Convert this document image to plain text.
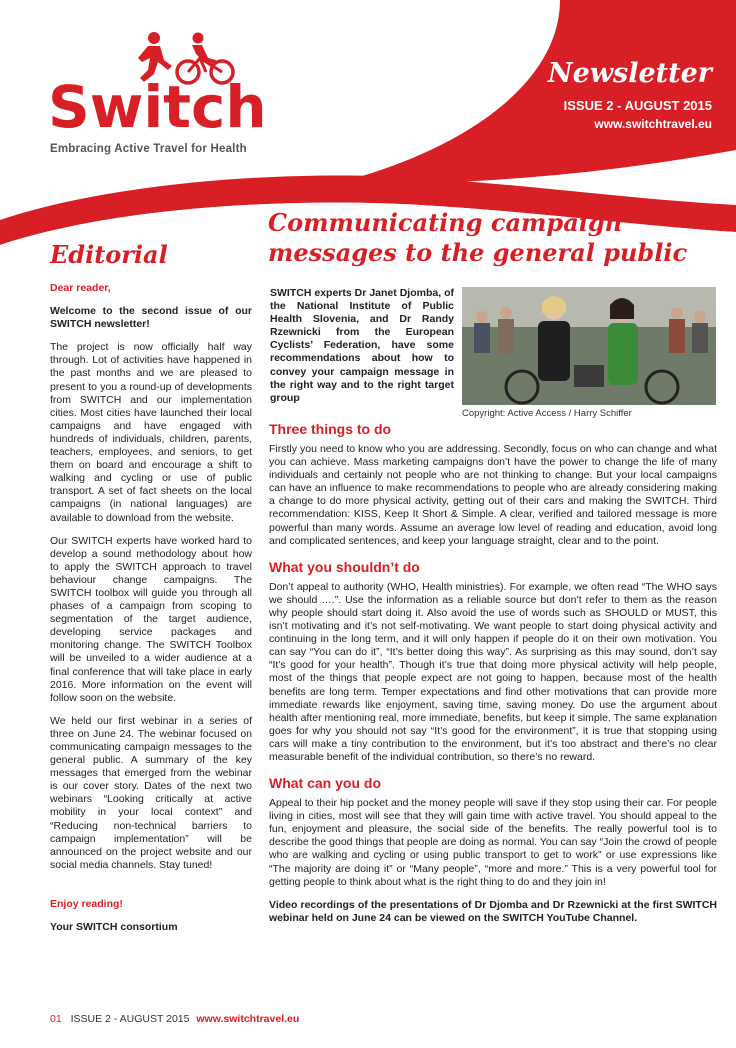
Switch
Embracing Active Travel for Health
Newsletter
ISSUE 2 - AUGUST 2015
www.switchtravel.eu
Communicating campaign messages to the general public
Editorial

Dear reader,

Welcome to the second issue of our SWITCH newsletter!

The project is now officially half way through. Lot of activities have happened in the past months and we are pleased to present to you a round-up of developments from SWITCH and our implementation cities. Most cities have launched their local campaigns and have engaged with hundreds of individuals, children, parents, teachers, employees, and seniors, to get them on board and encourage a shift to walking and cycling or use of public transport. A set of fact sheets on the local campaigns (in national languages) are available to download from the website.

Our SWITCH experts have worked hard to develop a sound methodology about how to apply the SWITCH approach to travel behaviour change campaigns. The SWITCH toolbox will guide you through all phases of a campaign from scoping to segmentation of the target audience, developing service packages and monitoring change. The SWITCH Toolbox will be unveiled to a wider audience at a final conference that will take place in early 2016. More information on the event will follow soon on the website.

We held our first webinar in a series of three on June 24. The webinar focused on communicating campaign messages to the general public. A summary of the key messages that emerged from the webinar is our cover story. Dates of the next two webinars “Looking critically at active mobility in your local context” and “Reducing non-technical barriers to campaign implementation” will be announced on the project website and our social media channels. Stay tuned!

Enjoy reading!

Your SWITCH consortium

SWITCH experts Dr Janet Djomba, of the National Institute of Public Health Slovenia, and Dr Randy Rzewnicki from the European Cyclists’ Federation, have some recommendations about how to convey your campaign message in the right way and to the right target group

Copyright: Active Access / Harry Schiffer
Three things to do

Firstly you need to know who you are addressing. Secondly, focus on who can change and what you can achieve. Mass marketing campaigns don’t have the power to change the life of many individuals and certainly not people who are not thinking to change. But your local campaigns can have an influence to make recommendations to people who are already considering making a change to do more physical activity, getting out of their cars and making the SWITCH. Third recommendation: KISS, Keep It Short & Simple. A clear, verified and tailored message is more powerful than many words. Assume an average low level of reading and education, avoid long and complicated sentences, and keep your language straight, clear and to the point.

What you shouldn’t do

Don’t appeal to authority (WHO, Health ministries). For example, we often read “The WHO says we should ….”. Use the information as a reliable source but don’t refer to them as the reason why people should start doing it. Also avoid the use of words such as SHOULD or MUST, this isn’t motivating and it’s not self-motivating. We want people to start doing physical activity and continuing in the long term, and it will only happen if people do it on their own motivation. You can say “You can do it”, “It’s better doing this way”. As surprising as this may sound, don’t say “It’s good for your health”. Though it’s true that doing more physical activity will help people, most of the things that people expect are not going to happen, because most of the health benefits are long term. Temper expectations and find other motivations that can provide more immediate rewards like enjoyment, saving time, saving money. Do use the argument about health after mentioning real, more immediate, benefits, but keep it simple. The same explanation goes for why you should not say “It’s good for the environment”, it is true that stopping using cars will make a tiny contribution to the environment, but it’s too abstract and there’s no clear measurable benefit of the individual contribution, so there’s no reward.

What can you do

Appeal to their hip pocket and the money people will save if they stop using their car. For people living in cities, most will see that they will gain time with active travel. You should appeal to the fun, enjoyment and pleasure, the social side of the benefits. The really powerful tool is to describe the good things that people are doing as normal. You can say “Join the crowd of people who are walking and cycling or using public transport to get to work” or use expressions like “The majority are doing it” or “Many people”, “more and more.” This is a very powerful tool for getting people to think about what is the right thing to do and they join in!

Video recordings of the presentations of Dr Djomba and Dr Rzewnicki at the first SWITCH webinar held on June 24 can be viewed on the SWITCH YouTube Channel.

01 ISSUE 2 - AUGUST 2015 www.switchtravel.eu
